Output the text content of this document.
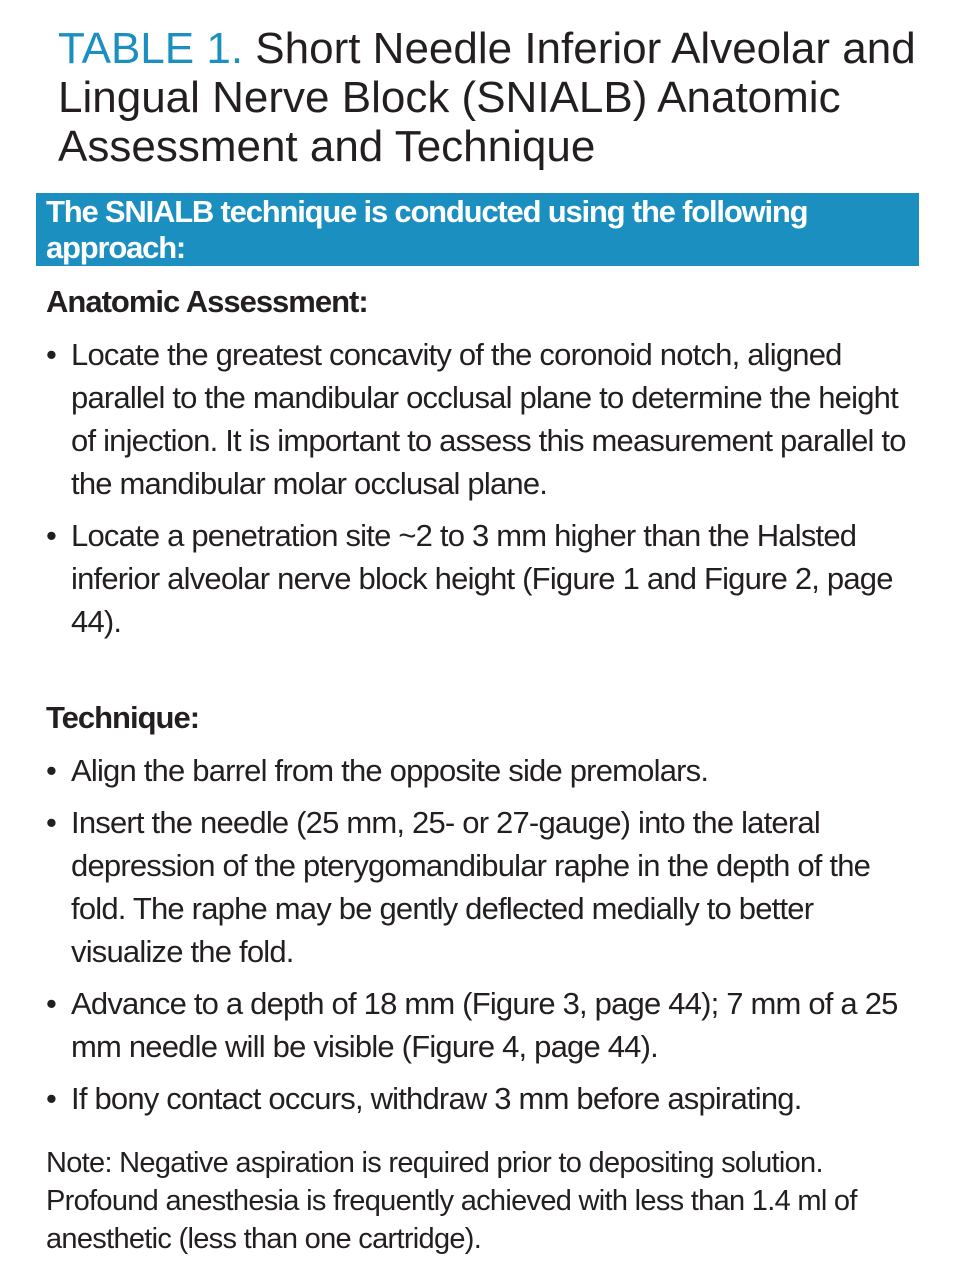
TABLE 1. Short Needle Inferior Alveolar and Lingual Nerve Block (SNIALB) Anatomic Assessment and Technique
The SNIALB technique is conducted using the following approach:
Anatomic Assessment:
• Locate the greatest concavity of the coronoid notch, aligned parallel to the mandibular occlusal plane to determine the height of injection. It is important to assess this measurement parallel to the mandibular molar occlusal plane.
• Locate a penetration site ~2 to 3 mm higher than the Halsted inferior alveolar nerve block height (Figure 1 and Figure 2, page 44).
Technique:
• Align the barrel from the opposite side premolars.
• Insert the needle (25 mm, 25- or 27-gauge) into the lateral depression of the pterygomandibular raphe in the depth of the fold. The raphe may be gently deflected medially to better visualize the fold.
• Advance to a depth of 18 mm (Figure 3, page 44); 7 mm of a 25 mm needle will be visible (Figure 4, page 44).
• If bony contact occurs, withdraw 3 mm before aspirating.

Note: Negative aspiration is required prior to depositing solution. Profound anesthesia is frequently achieved with less than 1.4 ml of anesthetic (less than one cartridge).
